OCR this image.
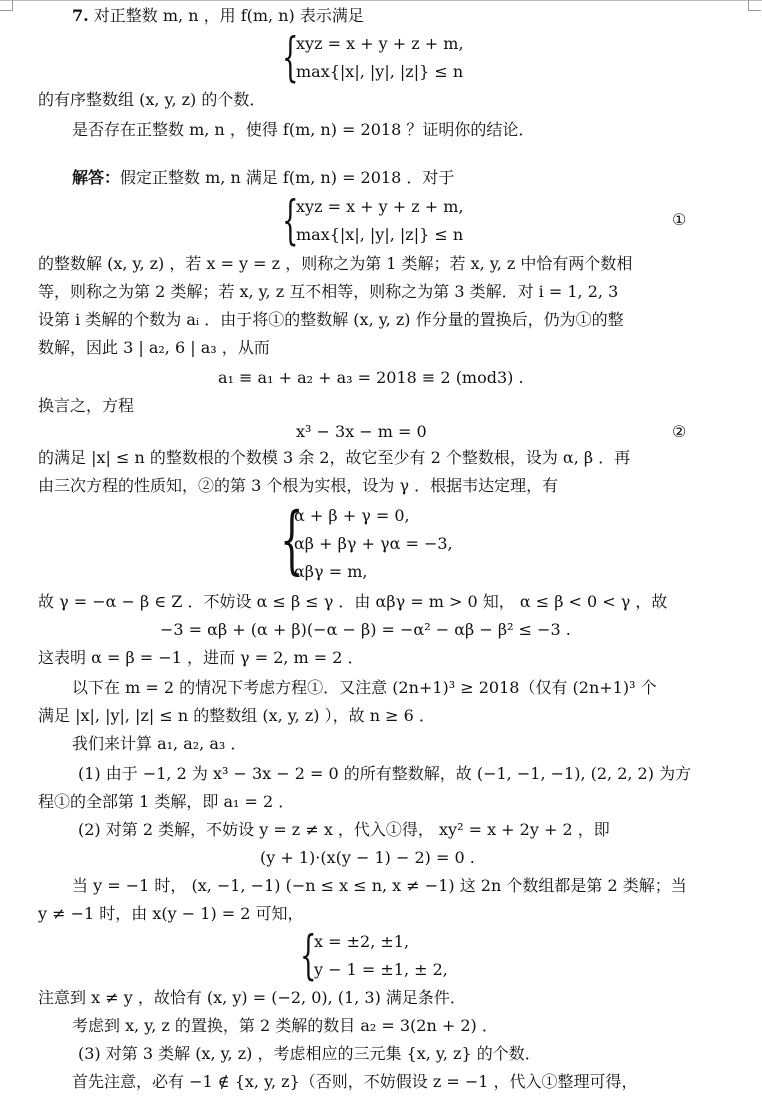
7. 对正整数 m, n ，用 f(m, n) 表示满足
{
xyz = x + y + z + m,
max{|x|, |y|, |z|} ≤ n
的有序整数组 (x, y, z) 的个数．
是否存在正整数 m, n ，使得 f(m, n) = 2018 ？证明你的结论．
解答：假定正整数 m, n 满足 f(m, n) = 2018 ．对于
{
xyz = x + y + z + m,
max{|x|, |y|, |z|} ≤ n
①
的整数解 (x, y, z) ，若 x = y = z ，则称之为第 1 类解；若 x, y, z 中恰有两个数相
等，则称之为第 2 类解；若 x, y, z 互不相等，则称之为第 3 类解．对 i = 1, 2, 3
设第 i 类解的个数为 aᵢ ．由于将①的整数解 (x, y, z) 作分量的置换后，仍为①的整
数解，因此 3 | a₂, 6 | a₃ ，从而
a₁ ≡ a₁ + a₂ + a₃ = 2018 ≡ 2 (mod3) .
换言之，方程
x³ − 3x − m = 0	②
的满足 |x| ≤ n 的整数根的个数模 3 余 2，故它至少有 2 个整数根，设为 α, β ．再
由三次方程的性质知，②的第 3 个根为实根，设为 γ ．根据韦达定理，有
{
α + β + γ = 0,
αβ + βγ + γα = −3,
αβγ = m,
故 γ = −α − β ∈ Z ．不妨设 α ≤ β ≤ γ ．由 αβγ = m > 0 知， α ≤ β < 0 < γ ，故
−3 = αβ + (α + β)(−α − β) = −α² − αβ − β² ≤ −3 .
这表明 α = β = −1 ，进而 γ = 2, m = 2 ．
以下在 m = 2 的情况下考虑方程①．又注意 (2n+1)³ ≥ 2018（仅有 (2n+1)³ 个
满足 |x|, |y|, |z| ≤ n 的整数组 (x, y, z) ），故 n ≥ 6 ．
我们来计算 a₁, a₂, a₃ ．
(1) 由于 −1, 2 为 x³ − 3x − 2 = 0 的所有整数解，故 (−1, −1, −1), (2, 2, 2) 为方
程①的全部第 1 类解，即 a₁ = 2 ．
(2) 对第 2 类解，不妨设 y = z ≠ x ，代入①得， xy² = x + 2y + 2 ，即
(y + 1)·(x(y − 1) − 2) = 0 .
当 y = −1 时， (x, −1, −1) (−n ≤ x ≤ n, x ≠ −1) 这 2n 个数组都是第 2 类解；当
y ≠ −1 时，由 x(y − 1) = 2 可知，
{
x = ±2, ±1,
y − 1 = ±1, ± 2,
注意到 x ≠ y ，故恰有 (x, y) = (−2, 0), (1, 3) 满足条件．
考虑到 x, y, z 的置换，第 2 类解的数目 a₂ = 3(2n + 2) ．
(3) 对第 3 类解 (x, y, z) ，考虑相应的三元集 {x, y, z} 的个数．
首先注意，必有 −1 ∉ {x, y, z}（否则，不妨假设 z = −1 ，代入①整理可得，
